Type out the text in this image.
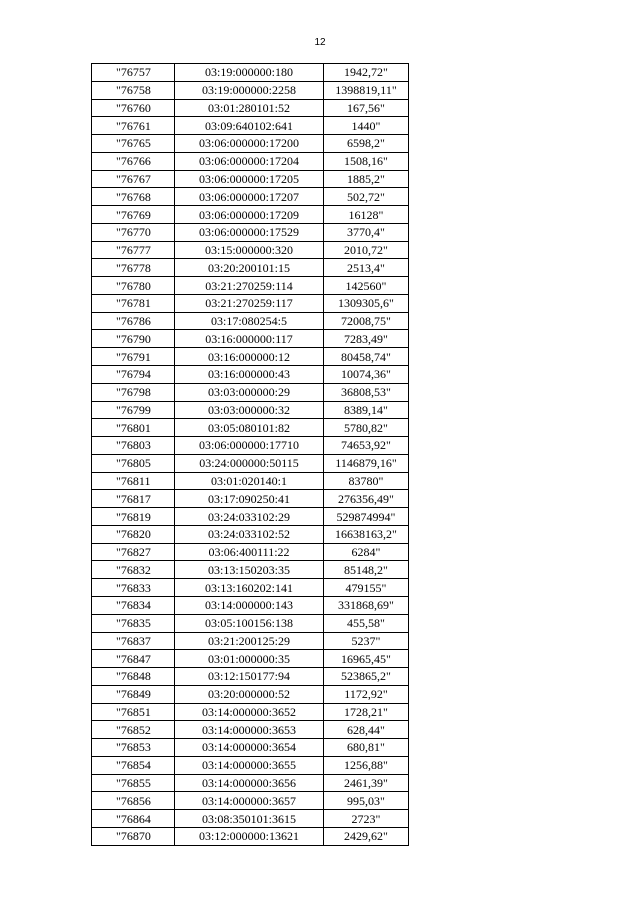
12
"76757	03:19:000000:180	1942,72"
"76758	03:19:000000:2258	1398819,11"
"76760	03:01:280101:52	167,56"
"76761	03:09:640102:641	1440"
"76765	03:06:000000:17200	6598,2"
"76766	03:06:000000:17204	1508,16"
"76767	03:06:000000:17205	1885,2"
"76768	03:06:000000:17207	502,72"
"76769	03:06:000000:17209	16128"
"76770	03:06:000000:17529	3770,4"
"76777	03:15:000000:320	2010,72"
"76778	03:20:200101:15	2513,4"
"76780	03:21:270259:114	142560"
"76781	03:21:270259:117	1309305,6"
"76786	03:17:080254:5	72008,75"
"76790	03:16:000000:117	7283,49"
"76791	03:16:000000:12	80458,74"
"76794	03:16:000000:43	10074,36"
"76798	03:03:000000:29	36808,53"
"76799	03:03:000000:32	8389,14"
"76801	03:05:080101:82	5780,82"
"76803	03:06:000000:17710	74653,92"
"76805	03:24:000000:50115	1146879,16"
"76811	03:01:020140:1	83780"
"76817	03:17:090250:41	276356,49"
"76819	03:24:033102:29	529874994"
"76820	03:24:033102:52	16638163,2"
"76827	03:06:400111:22	6284"
"76832	03:13:150203:35	85148,2"
"76833	03:13:160202:141	479155"
"76834	03:14:000000:143	331868,69"
"76835	03:05:100156:138	455,58"
"76837	03:21:200125:29	5237"
"76847	03:01:000000:35	16965,45"
"76848	03:12:150177:94	523865,2"
"76849	03:20:000000:52	1172,92"
"76851	03:14:000000:3652	1728,21"
"76852	03:14:000000:3653	628,44"
"76853	03:14:000000:3654	680,81"
"76854	03:14:000000:3655	1256,88"
"76855	03:14:000000:3656	2461,39"
"76856	03:14:000000:3657	995,03"
"76864	03:08:350101:3615	2723"
"76870	03:12:000000:13621	2429,62"
